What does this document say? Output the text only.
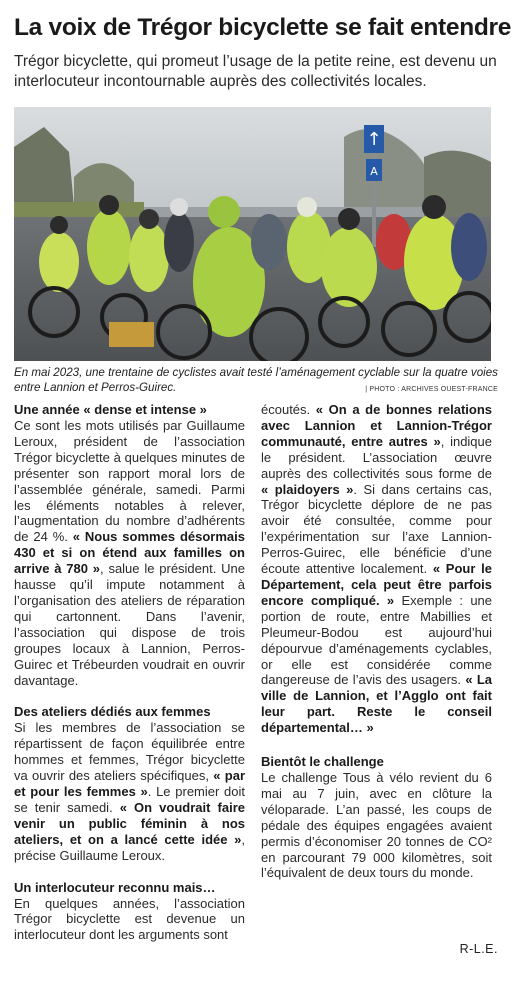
La voix de Trégor bicyclette se fait entendre
Trégor bicyclette, qui promeut l’usage de la petite reine, est devenu un interlocuteur incontournable auprès des collectivités locales.
↑
A
En mai 2023, une trentaine de cyclistes avait testé l’aménagement cyclable sur la quatre voies entre Lannion et Perros-Guirec.	| PHOTO : ARCHIVES OUEST-FRANCE
Une année « dense et intense »

Ce sont les mots utilisés par Guillaume Leroux, président de l’association Trégor bicyclette à quelques minutes de présenter son rapport moral lors de l’assemblée générale, samedi. Parmi les éléments notables à relever, l’augmentation du nombre d’adhérents de 24 %. « Nous sommes désormais 430 et si on étend aux familles on arrive à 780 », salue le président. Une hausse qu’il impute notamment à l’organisation des ateliers de réparation qui cartonnent. Dans l’avenir, l’association qui dispose de trois groupes locaux à Lannion, Perros-Guirec et Trébeurden voudrait en ouvrir davantage.

Des ateliers dédiés aux femmes

Si les membres de l’association se répartissent de façon équilibrée entre hommes et femmes, Trégor bicyclette va ouvrir des ateliers spécifiques, « par et pour les femmes ». Le premier doit se tenir samedi. « On voudrait faire venir un public féminin à nos ateliers, et on a lancé cette idée », précise Guillaume Leroux.

Un interlocuteur reconnu mais…

En quelques années, l’association Trégor bicyclette est devenue un interlocuteur dont les arguments sont

écoutés. « On a de bonnes relations avec Lannion et Lannion-Trégor communauté, entre autres », indique le président. L’association œuvre auprès des collectivités sous forme de « plaidoyers ». Si dans certains cas, Trégor bicyclette déplore de ne pas avoir été consultée, comme pour l’expérimentation sur l’axe Lannion-Perros-Guirec, elle bénéficie d’une écoute attentive localement. « Pour le Département, cela peut être parfois encore compliqué. » Exemple : une portion de route, entre Mabillies et Pleumeur-Bodou est aujourd’hui dépourvue d’aménagements cyclables, or elle est considérée comme dangereuse de l’avis des usagers. « La ville de Lannion, et l’Agglo ont fait leur part. Reste le conseil départemental… »

Bientôt le challenge

Le challenge Tous à vélo revient du 6 mai au 7 juin, avec en clôture la véloparade. L’an passé, les coups de pédale des équipes engagées avaient permis d’économiser 20 tonnes de CO² en parcourant 79 000 kilomètres, soit l’équivalent de deux tours du monde.

R-L.E.
